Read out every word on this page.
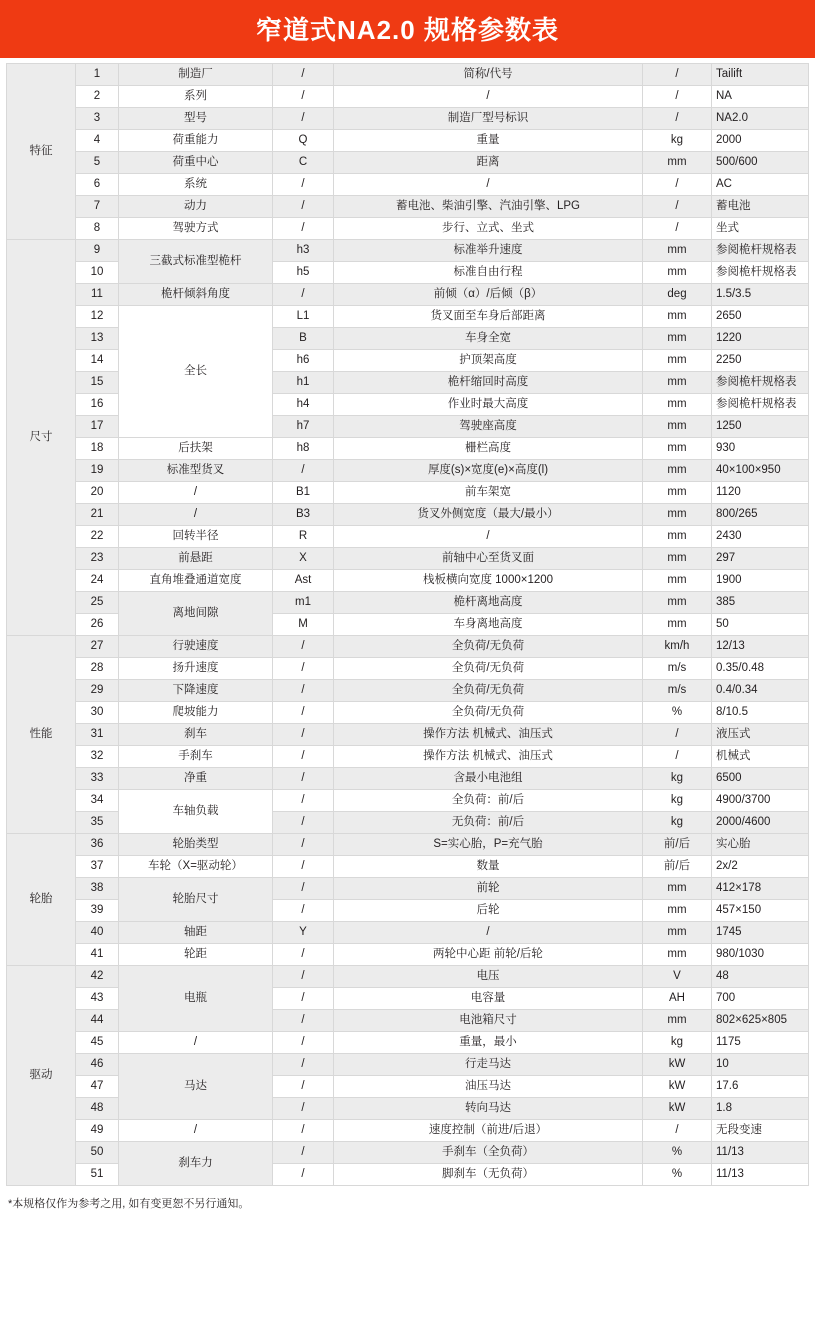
窄道式NA2.0 规格参数表
特征	1	制造厂	/	简称/代号	/	Tailift
	2	系列	/	/	/	NA
	3	型号	/	制造厂型号标识	/	NA2.0
	4	荷重能力	Q	重量	kg	2000
	5	荷重中心	C	距离	mm	500/600
	6	系统	/	/	/	AC
	7	动力	/	蓄电池、柴油引擎、汽油引擎、LPG	/	蓄电池
	8	驾驶方式	/	步行、立式、坐式	/	坐式
尺寸	9	三截式标准型桅杆	h3	标准举升速度	mm	参阅桅杆规格表
	10		h5	标准自由行程	mm	参阅桅杆规格表
	11	桅杆倾斜角度	/	前倾（α）/后倾（β）	deg	1.5/3.5
	12	全长	L1	货叉面至车身后部距离	mm	2650
	13		B	车身全宽	mm	1220
	14		h6	护顶架高度	mm	2250
	15		h1	桅杆缩回时高度	mm	参阅桅杆规格表
	16		h4	作业时最大高度	mm	参阅桅杆规格表
	17		h7	驾驶座高度	mm	1250
	18	后扶架	h8	栅栏高度	mm	930
	19	标准型货叉	/	厚度(s)×宽度(e)×高度(l)	mm	40×100×950
	20	/	B1	前车架宽	mm	1120
	21	/	B3	货叉外侧宽度（最大/最小）	mm	800/265
	22	回转半径	R	/	mm	2430
	23	前悬距	X	前轴中心至货叉面	mm	297
	24	直角堆叠通道宽度	Ast	栈板横向宽度 1000×1200	mm	1900
	25	离地间隙	m1	桅杆离地高度	mm	385
	26		M	车身离地高度	mm	50
性能	27	行驶速度	/	全负荷/无负荷	km/h	12/13
	28	扬升速度	/	全负荷/无负荷	m/s	0.35/0.48
	29	下降速度	/	全负荷/无负荷	m/s	0.4/0.34
	30	爬坡能力	/	全负荷/无负荷	%	8/10.5
	31	刹车	/	操作方法 机械式、油压式	/	液压式
	32	手刹车	/	操作方法 机械式、油压式	/	机械式
	33	净重	/	含最小电池组	kg	6500
	34	车轴负载	/	全负荷：前/后	kg	4900/3700
	35		/	无负荷：前/后	kg	2000/4600
轮胎	36	轮胎类型	/	S=实心胎，P=充气胎	前/后	实心胎
	37	车轮（X=驱动轮）	/	数量	前/后	2x/2
	38	轮胎尺寸	/	前轮	mm	412×178
	39		/	后轮	mm	457×150
	40	轴距	Y	/	mm	1745
	41	轮距	/	两轮中心距 前轮/后轮	mm	980/1030
驱动	42	电瓶	/	电压	V	48
	43		/	电容量	AH	700
	44		/	电池箱尺寸	mm	802×625×805
	45	/	/	重量，最小	kg	1175
	46	马达	/	行走马达	kW	10
	47		/	油压马达	kW	17.6
	48		/	转向马达	kW	1.8
	49	/	/	速度控制（前进/后退）	/	无段变速
	50	刹车力	/	手刹车（全负荷）	%	11/13
	51		/	脚刹车（无负荷）	%	11/13
*本规格仅作为参考之用, 如有变更恕不另行通知。
